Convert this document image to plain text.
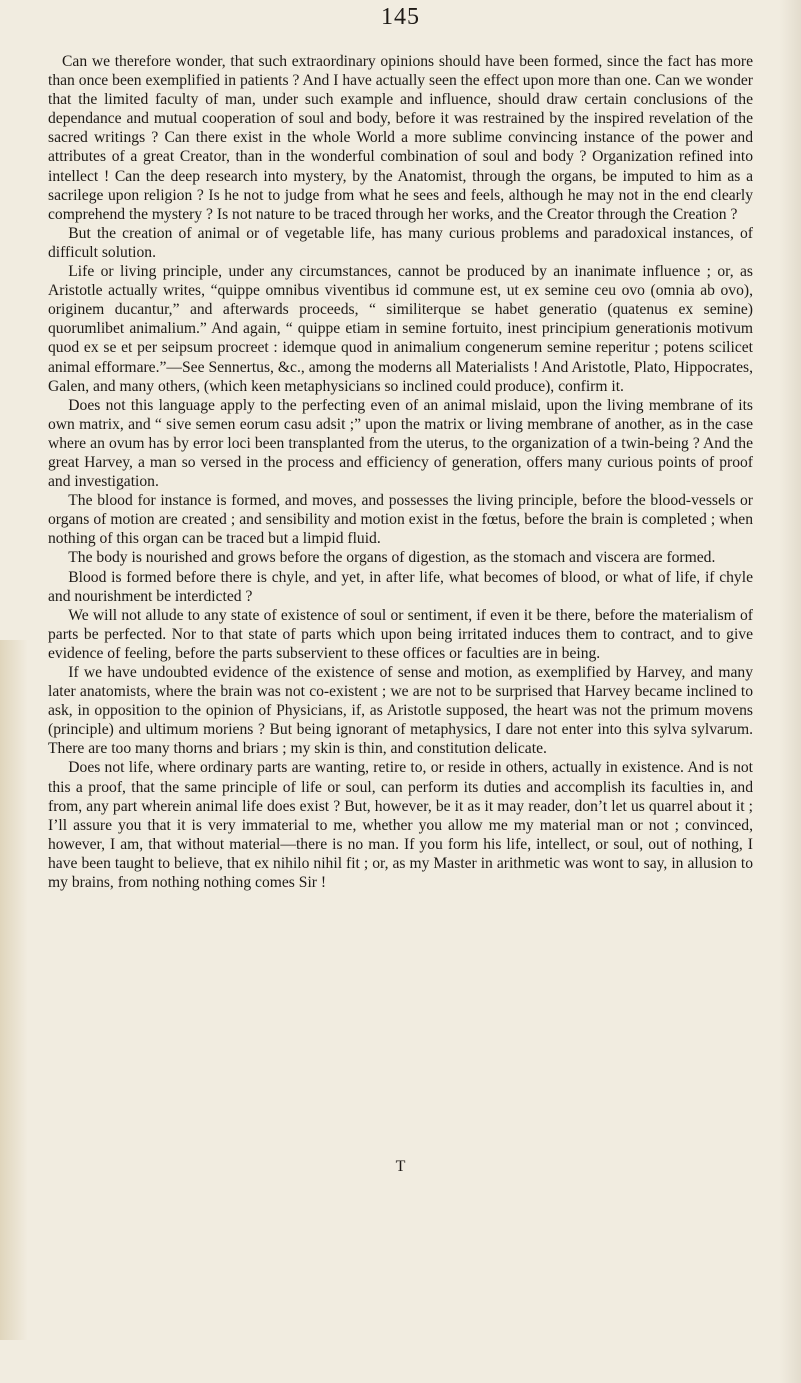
145

Can we therefore wonder, that such extraordinary opinions should have been formed, since the fact has more than once been exemplified in patients ? And I have actually seen the effect upon more than one. Can we wonder that the limited faculty of man, under such example and influence, should draw certain conclusions of the dependance and mutual cooperation of soul and body, before it was restrained by the inspired revelation of the sacred writings ? Can there exist in the whole World a more sublime convincing instance of the power and attributes of a great Creator, than in the wonderful combination of soul and body ? Organization refined into intellect ! Can the deep research into mystery, by the Anatomist, through the organs, be imputed to him as a sacrilege upon religion ? Is he not to judge from what he sees and feels, although he may not in the end clearly comprehend the mystery ? Is not nature to be traced through her works, and the Creator through the Creation ?

But the creation of animal or of vegetable life, has many curious problems and paradoxical instances, of difficult solution.

Life or living principle, under any circumstances, cannot be produced by an inanimate influence ; or, as Aristotle actually writes, “quippe omnibus viventibus id commune est, ut ex semine ceu ovo (omnia ab ovo), originem ducantur,” and afterwards proceeds, “ similiterque se habet generatio (quatenus ex semine) quorumlibet animalium.” And again, “ quippe etiam in semine fortuito, inest principium generationis motivum quod ex se et per seipsum procreet : idemque quod in animalium congenerum semine reperitur ; potens scilicet animal efformare.”—See Sennertus, &c., among the moderns all Materialists ! And Aristotle, Plato, Hippocrates, Galen, and many others, (which keen metaphysicians so inclined could produce), confirm it.

Does not this language apply to the perfecting even of an animal mislaid, upon the living membrane of its own matrix, and “ sive semen eorum casu adsit ;” upon the matrix or living membrane of another, as in the case where an ovum has by error loci been transplanted from the uterus, to the organization of a twin-being ? And the great Harvey, a man so versed in the process and efficiency of generation, offers many curious points of proof and investigation.

The blood for instance is formed, and moves, and possesses the living principle, before the blood-vessels or organs of motion are created ; and sensibility and motion exist in the fœtus, before the brain is completed ; when nothing of this organ can be traced but a limpid fluid.

The body is nourished and grows before the organs of digestion, as the stomach and viscera are formed.

Blood is formed before there is chyle, and yet, in after life, what becomes of blood, or what of life, if chyle and nourishment be interdicted ?

We will not allude to any state of existence of soul or sentiment, if even it be there, before the materialism of parts be perfected. Nor to that state of parts which upon being irritated induces them to contract, and to give evidence of feeling, before the parts subservient to these offices or faculties are in being.

If we have undoubted evidence of the existence of sense and motion, as exemplified by Harvey, and many later anatomists, where the brain was not co-existent ; we are not to be surprised that Harvey became inclined to ask, in opposition to the opinion of Physicians, if, as Aristotle supposed, the heart was not the primum movens (principle) and ultimum moriens ? But being ignorant of metaphysics, I dare not enter into this sylva sylvarum. There are too many thorns and briars ; my skin is thin, and constitution delicate.

Does not life, where ordinary parts are wanting, retire to, or reside in others, actually in existence. And is not this a proof, that the same principle of life or soul, can perform its duties and accomplish its faculties in, and from, any part wherein animal life does exist ? But, however, be it as it may reader, don’t let us quarrel about it ; I’ll assure you that it is very immaterial to me, whether you allow me my material man or not ; convinced, however, I am, that without material—there is no man. If you form his life, intellect, or soul, out of nothing, I have been taught to believe, that ex nihilo nihil fit ; or, as my Master in arithmetic was wont to say, in allusion to my brains, from nothing nothing comes Sir !

T
